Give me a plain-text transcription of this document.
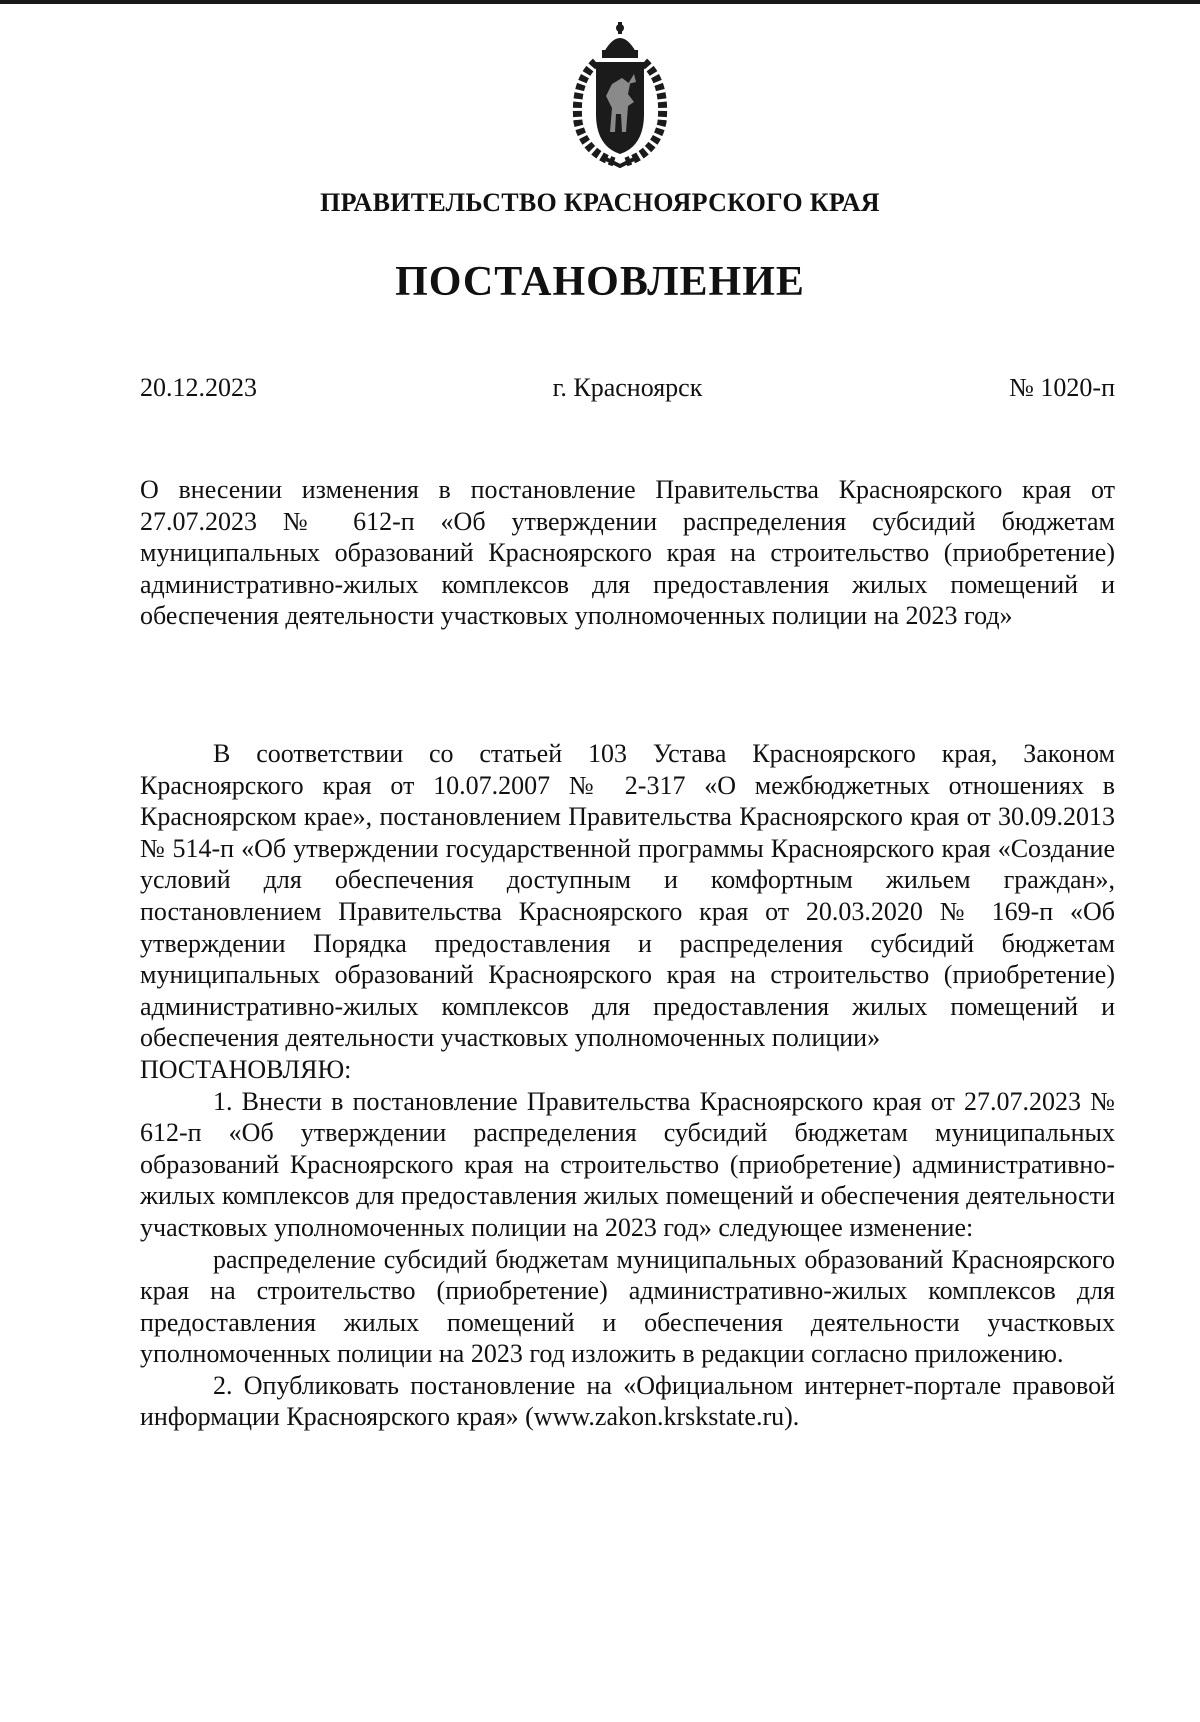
ПРАВИТЕЛЬСТВО КРАСНОЯРСКОГО КРАЯ
ПОСТАНОВЛЕНИЕ
г. Красноярск
20.12.2023	№ 1020-п
О внесении изменения в постановление Правительства Красноярского края от 27.07.2023 № 612-п «Об утверждении распределения субсидий бюджетам муниципальных образований Красноярского края на строительство (приобретение) административно-жилых комплексов для предоставления жилых помещений и обеспечения деятельности участковых уполномоченных полиции на 2023 год»

В соответствии со статьей 103 Устава Красноярского края, Законом Красноярского края от 10.07.2007 № 2-317 «О межбюджетных отношениях в Красноярском крае», постановлением Правительства Красноярского края от 30.09.2013 № 514-п «Об утверждении государственной программы Красноярского края «Создание условий для обеспечения доступным и комфортным жильем граждан», постановлением Правительства Красноярского края от 20.03.2020 № 169-п «Об утверждении Порядка предоставления и распределения субсидий бюджетам муниципальных образований Красноярского края на строительство (приобретение) административно-жилых комплексов для предоставления жилых помещений и обеспечения деятельности участковых уполномоченных полиции»

ПОСТАНОВЛЯЮ:

1. Внести в постановление Правительства Красноярского края от 27.07.2023 № 612-п «Об утверждении распределения субсидий бюджетам муниципальных образований Красноярского края на строительство (приобретение) административно-жилых комплексов для предоставления жилых помещений и обеспечения деятельности участковых уполномоченных полиции на 2023 год» следующее изменение:

распределение субсидий бюджетам муниципальных образований Красноярского края на строительство (приобретение) административно-жилых комплексов для предоставления жилых помещений и обеспечения деятельности участковых уполномоченных полиции на 2023 год изложить в редакции согласно приложению.

2. Опубликовать постановление на «Официальном интернет-портале правовой информации Красноярского края» (www.zakon.krskstate.ru).
